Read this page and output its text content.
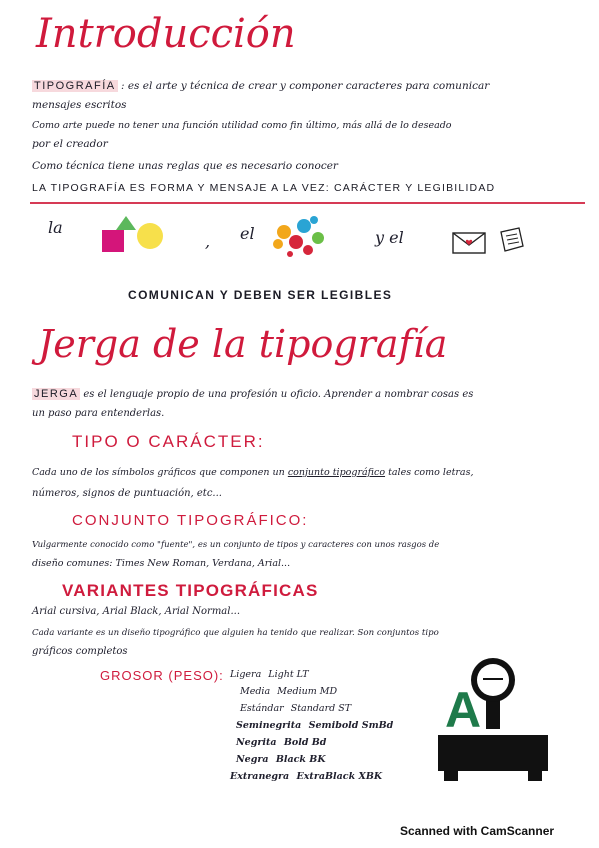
Introducción
TIPOGRAFÍA : es el arte y técnica de crear y componer caracteres para comunicar
mensajes escritos
Como arte puede no tener una función utilidad como fin último, más allá de lo deseado
por el creador
Como técnica tiene unas reglas que es necesario conocer
LA TIPOGRAFÍA ES FORMA Y MENSAJE A LA VEZ: CARÁCTER Y LEGIBILIDAD
la
, el	y el
COMUNICAN Y DEBEN SER LEGIBLES
Jerga de la tipografía
JERGA es el lenguaje propio de una profesión u oficio. Aprender a nombrar cosas es
un paso para entenderlas.
TIPO O CARÁCTER:
Cada uno de los símbolos gráficos que componen un conjunto tipográfico tales como letras,
números, signos de puntuación, etc...
CONJUNTO TIPOGRÁFICO:
Vulgarmente conocido como "fuente", es un conjunto de tipos y caracteres con unos rasgos de
diseño comunes: Times New Roman, Verdana, Arial...
VARIANTES TIPOGRÁFICAS
Arial cursiva, Arial Black, Arial Normal...
Cada variante es un diseño tipográfico que alguien ha tenido que realizar. Son conjuntos tipo
gráficos completos
GROSOR (PESO): Ligera Light LT
Media Medium MD
Estándar Standard ST
Seminegrita Semibold SmBd
Negrita Bold Bd
Negra Black BK
Extranegra ExtraBlack XBK
A
Scanned with CamScanner
